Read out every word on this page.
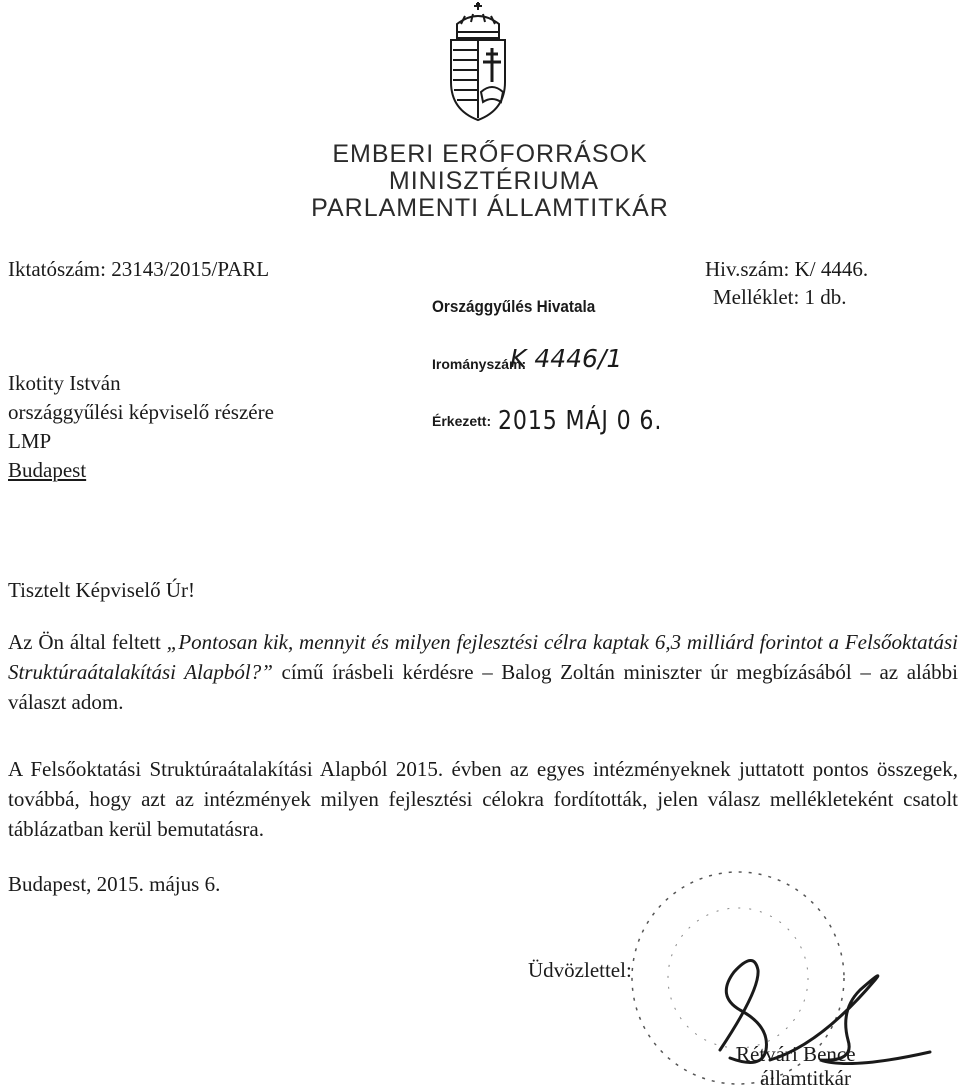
EMBERI ERŐFORRÁSOK
MINISZTÉRIUMA
PARLAMENTI ÁLLAMTITKÁR
Iktatószám: 23143/2015/PARL	Hiv.szám: K/ 4446.
Melléklet: 1 db.
Országgyűlés Hivatala
Irományszám:
K 4446/1
Érkezett: 2015 MÁJ 0 6.
Ikotity István
országgyűlési képviselő részére
LMP
Budapest
Tisztelt Képviselő Úr!
Az Ön által feltett „Pontosan kik, mennyit és milyen fejlesztési célra kaptak 6,3 milliárd forintot a Felsőoktatási Struktúraátalakítási Alapból?” című írásbeli kérdésre – Balog Zoltán miniszter úr megbízásából – az alábbi választ adom.
A Felsőoktatási Struktúraátalakítási Alapból 2015. évben az egyes intézményeknek juttatott pontos összegek, továbbá, hogy azt az intézmények milyen fejlesztési célokra fordították, jelen válasz mellékleteként csatolt táblázatban kerül bemutatásra.
Budapest, 2015. május 6.
Üdvözlettel:
Rétvári Bence
államtitkár
